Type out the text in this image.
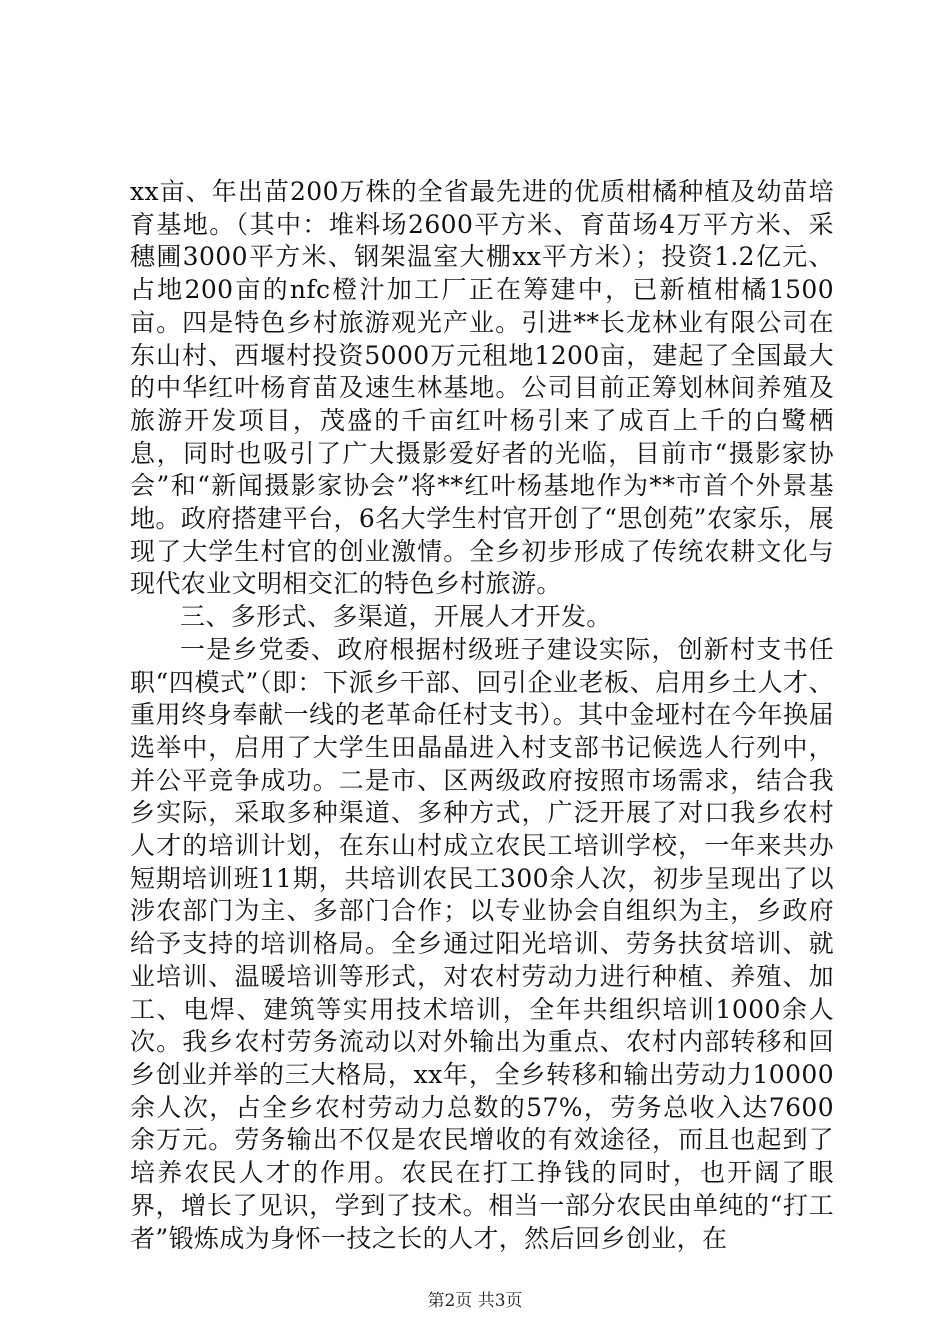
xx亩、年出苗200万株的全省最先进的优质柑橘种植及幼苗培育基地。（其中：堆料场2600平方米、育苗场4万平方米、采穗圃3000平方米、钢架温室大棚xx平方米）；投资1.2亿元、占地200亩的nfc橙汁加工厂正在筹建中，已新植柑橘1500亩。四是特色乡村旅游观光产业。引进**长龙林业有限公司在东山村、西堰村投资5000万元租地1200亩，建起了全国最大的中华红叶杨育苗及速生林基地。公司目前正筹划林间养殖及旅游开发项目，茂盛的千亩红叶杨引来了成百上千的白鹭栖息，同时也吸引了广大摄影爱好者的光临，目前市“摄影家协会”和“新闻摄影家协会”将**红叶杨基地作为**市首个外景基地。政府搭建平台，6名大学生村官开创了“思创苑”农家乐，展现了大学生村官的创业激情。全乡初步形成了传统农耕文化与现代农业文明相交汇的特色乡村旅游。

三、多形式、多渠道，开展人才开发。

一是乡党委、政府根据村级班子建设实际，创新村支书任职“四模式”（即：下派乡干部、回引企业老板、启用乡土人才、重用终身奉献一线的老革命任村支书）。其中金垭村在今年换届选举中，启用了大学生田晶晶进入村支部书记候选人行列中，并公平竞争成功。二是市、区两级政府按照市场需求，结合我乡实际，采取多种渠道、多种方式，广泛开展了对口我乡农村人才的培训计划，在东山村成立农民工培训学校，一年来共办短期培训班11期，共培训农民工300余人次，初步呈现出了以涉农部门为主、多部门合作；以专业协会自组织为主，乡政府给予支持的培训格局。全乡通过阳光培训、劳务扶贫培训、就业培训、温暖培训等形式，对农村劳动力进行种植、养殖、加工、电焊、建筑等实用技术培训，全年共组织培训1000余人次。我乡农村劳务流动以对外输出为重点、农村内部转移和回乡创业并举的三大格局，xx年，全乡转移和输出劳动力10000余人次，占全乡农村劳动力总数的57%，劳务总收入达7600余万元。劳务输出不仅是农民增收的有效途径，而且也起到了培养农民人才的作用。农民在打工挣钱的同时，也开阔了眼界，增长了见识，学到了技术。相当一部分农民由单纯的“打工者”锻炼成为身怀一技之长的人才，然后回乡创业，在

第2页 共3页
